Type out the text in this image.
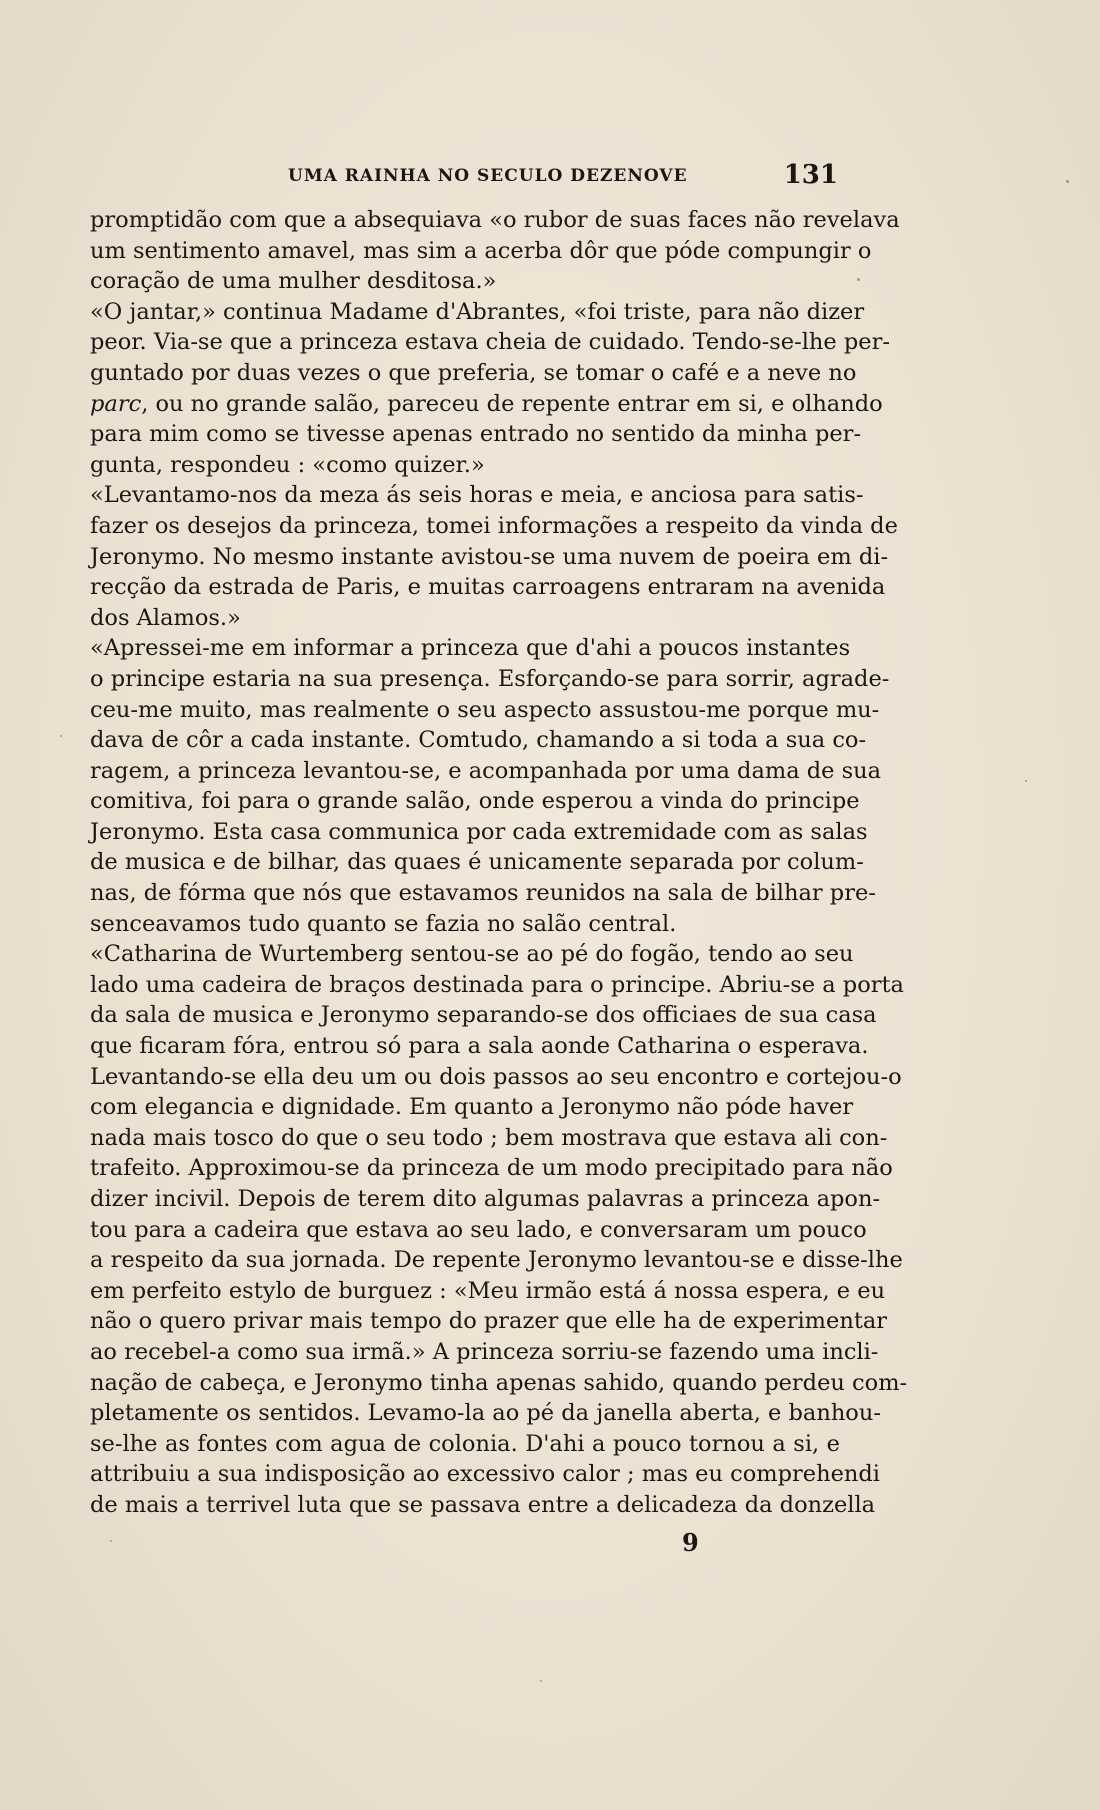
UMA RAINHA NO SECULO DEZENOVE	131
promptidão com que a absequiava «o rubor de suas faces não revelava
um sentimento amavel, mas sim a acerba dôr que póde compungir o
coração de uma mulher desditosa.»
«O jantar,» continua Madame d'Abrantes, «foi triste, para não dizer
peor. Via-se que a princeza estava cheia de cuidado. Tendo-se-lhe per-
guntado por duas vezes o que preferia, se tomar o café e a neve no
parc, ou no grande salão, pareceu de repente entrar em si, e olhando
para mim como se tivesse apenas entrado no sentido da minha per-
gunta, respondeu : «como quizer.»
«Levantamo-nos da meza ás seis horas e meia, e anciosa para satis-
fazer os desejos da princeza, tomei informações a respeito da vinda de
Jeronymo. No mesmo instante avistou-se uma nuvem de poeira em di-
recção da estrada de Paris, e muitas carroagens entraram na avenida
dos Alamos.»
«Apressei-me em informar a princeza que d'ahi a poucos instantes
o principe estaria na sua presença. Esforçando-se para sorrir, agrade-
ceu-me muito, mas realmente o seu aspecto assustou-me porque mu-
dava de côr a cada instante. Comtudo, chamando a si toda a sua co-
ragem, a princeza levantou-se, e acompanhada por uma dama de sua
comitiva, foi para o grande salão, onde esperou a vinda do principe
Jeronymo. Esta casa communica por cada extremidade com as salas
de musica e de bilhar, das quaes é unicamente separada por colum-
nas, de fórma que nós que estavamos reunidos na sala de bilhar pre-
senceavamos tudo quanto se fazia no salão central.
«Catharina de Wurtemberg sentou-se ao pé do fogão, tendo ao seu
lado uma cadeira de braços destinada para o principe. Abriu-se a porta
da sala de musica e Jeronymo separando-se dos officiaes de sua casa
que ficaram fóra, entrou só para a sala aonde Catharina o esperava.
Levantando-se ella deu um ou dois passos ao seu encontro e cortejou-o
com elegancia e dignidade. Em quanto a Jeronymo não póde haver
nada mais tosco do que o seu todo ; bem mostrava que estava ali con-
trafeito. Approximou-se da princeza de um modo precipitado para não
dizer incivil. Depois de terem dito algumas palavras a princeza apon-
tou para a cadeira que estava ao seu lado, e conversaram um pouco
a respeito da sua jornada. De repente Jeronymo levantou-se e disse-lhe
em perfeito estylo de burguez : «Meu irmão está á nossa espera, e eu
não o quero privar mais tempo do prazer que elle ha de experimentar
ao recebel-a como sua irmã.» A princeza sorriu-se fazendo uma incli-
nação de cabeça, e Jeronymo tinha apenas sahido, quando perdeu com-
pletamente os sentidos. Levamo-la ao pé da janella aberta, e banhou-
se-lhe as fontes com agua de colonia. D'ahi a pouco tornou a si, e
attribuiu a sua indisposição ao excessivo calor ; mas eu comprehendi
de mais a terrivel luta que se passava entre a delicadeza da donzella
9
